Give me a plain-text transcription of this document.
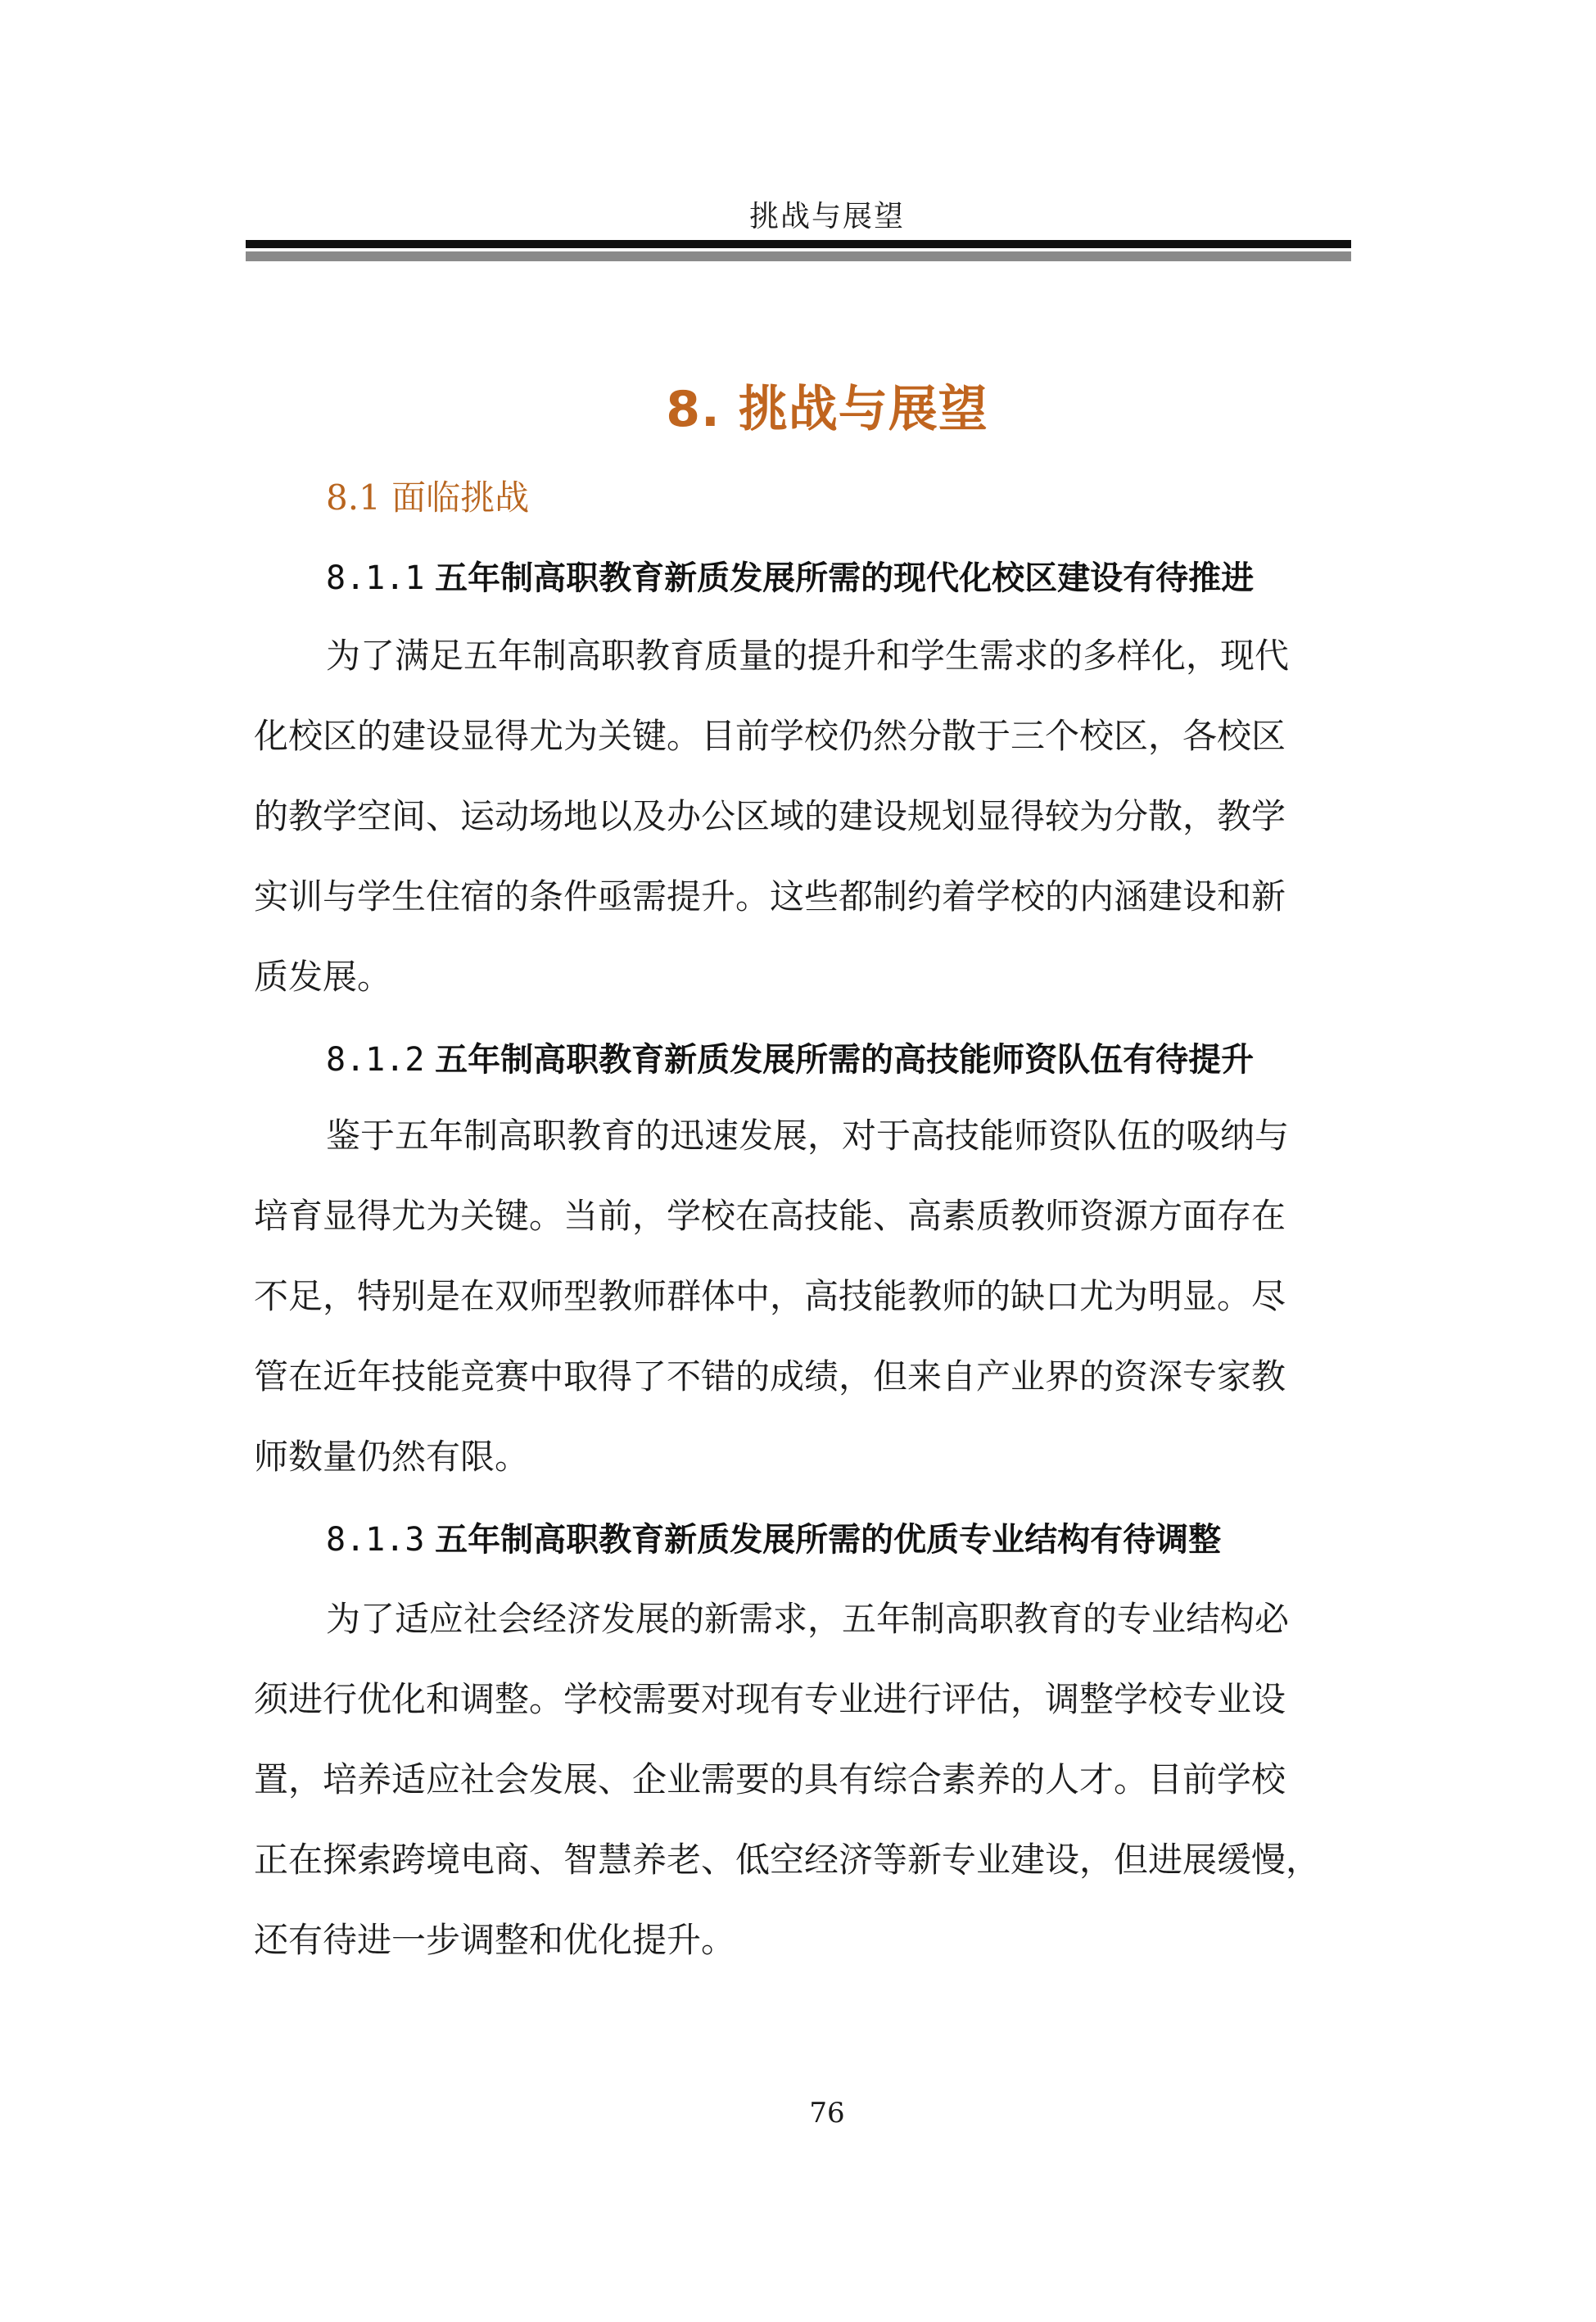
挑战与展望
8. 挑战与展望
8.1 面临挑战
8.1.1 五年制高职教育新质发展所需的现代化校区建设有待推进
为了满足五年制高职教育质量的提升和学生需求的多样化，现代
化校区的建设显得尤为关键。目前学校仍然分散于三个校区，各校区
的教学空间、运动场地以及办公区域的建设规划显得较为分散，教学
实训与学生住宿的条件亟需提升。这些都制约着学校的内涵建设和新
质发展。
8.1.2 五年制高职教育新质发展所需的高技能师资队伍有待提升
鉴于五年制高职教育的迅速发展，对于高技能师资队伍的吸纳与
培育显得尤为关键。当前，学校在高技能、高素质教师资源方面存在
不足，特别是在双师型教师群体中，高技能教师的缺口尤为明显。尽
管在近年技能竞赛中取得了不错的成绩，但来自产业界的资深专家教
师数量仍然有限。
8.1.3 五年制高职教育新质发展所需的优质专业结构有待调整
为了适应社会经济发展的新需求，五年制高职教育的专业结构必
须进行优化和调整。学校需要对现有专业进行评估，调整学校专业设
置，培养适应社会发展、企业需要的具有综合素养的人才。目前学校
正在探索跨境电商、智慧养老、低空经济等新专业建设，但进展缓慢，
还有待进一步调整和优化提升。
76
